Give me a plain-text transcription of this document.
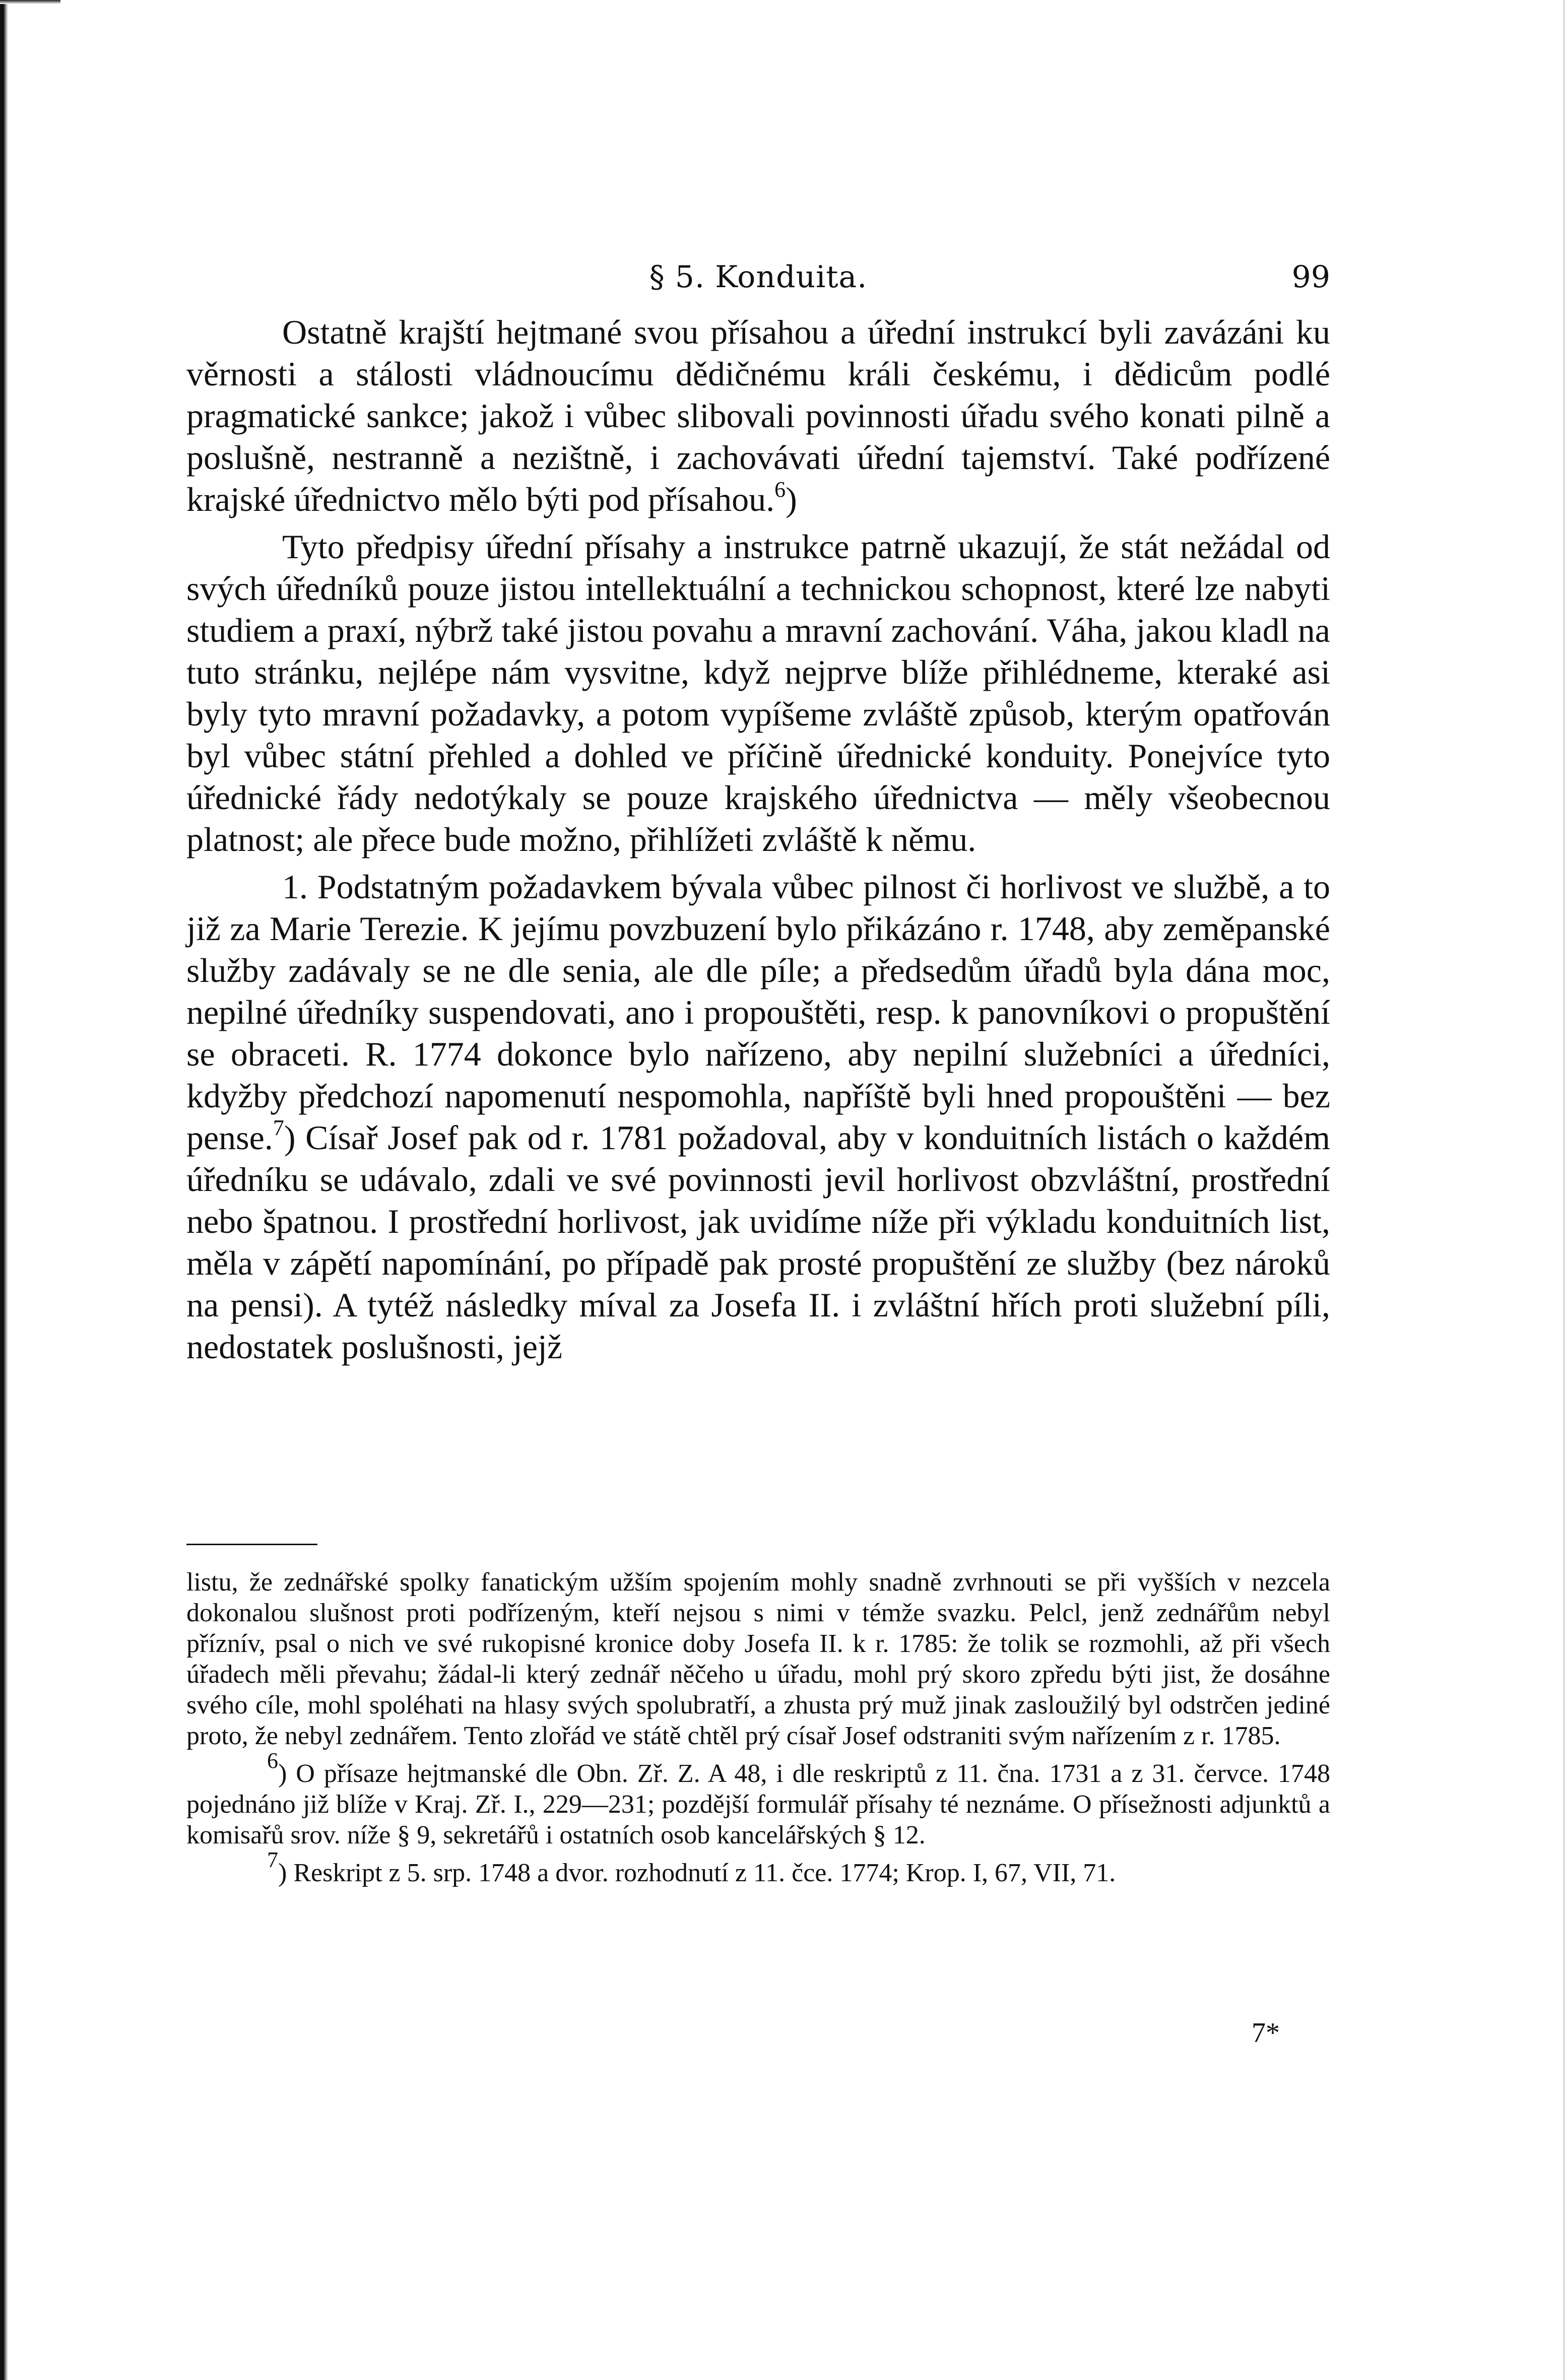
§ 5. Konduita.	99

Ostatně krajští hejtmané svou přísahou a úřední instrukcí byli zavázáni ku věrnosti a stálosti vládnoucímu dědičnému králi českému, i dědicům podlé pragmatické sankce; jakož i vůbec slibovali povinnosti úřadu svého konati pilně a poslušně, nestranně a nezištně, i zachovávati úřední tajemství. Také podřízené krajské úřednictvo mělo býti pod přísahou.$^6$)

Tyto předpisy úřední přísahy a instrukce patrně ukazují, že stát nežádal od svých úředníků pouze jistou intellektuální a technickou schopnost, které lze nabyti studiem a praxí, nýbrž také jistou povahu a mravní zachování. Váha, jakou kladl na tuto stránku, nejlépe nám vysvitne, když nejprve blíže přihlédneme, kteraké asi byly tyto mravní požadavky, a potom vypíšeme zvláště způsob, kterým opatřován byl vůbec státní přehled a dohled ve příčině úřednické konduity. Ponejvíce tyto úřednické řády nedotýkaly se pouze krajského úřednictva — měly všeobecnou platnost; ale přece bude možno, přihlížeti zvláště k němu.

1. Podstatným požadavkem bývala vůbec pilnost či horlivost ve službě, a to již za Marie Terezie. K jejímu povzbuzení bylo přikázáno r. 1748, aby zeměpanské služby zadávaly se ne dle senia, ale dle píle; a předsedům úřadů byla dána moc, nepilné úředníky suspendovati, ano i propouštěti, resp. k panovníkovi o propuštění se obraceti. R. 1774 dokonce bylo nařízeno, aby nepilní služebníci a úředníci, kdyžby předchozí napomenutí nespomohla, napříště byli hned propouštěni — bez pense.$^7$) Císař Josef pak od r. 1781 požadoval, aby v konduitních listách o každém úředníku se udávalo, zdali ve své povinnosti jevil horlivost obzvláštní, prostřední nebo špatnou. I prostřední horlivost, jak uvidíme níže při výkladu konduitních list, měla v zápětí napomínání, po případě pak prosté propuštění ze služby (bez nároků na pensi). A tytéž následky míval za Josefa II. i zvláštní hřích proti služební píli, nedostatek poslušnosti, jejž

listu, že zednářské spolky fanatickým užším spojením mohly snadně zvrhnouti se při vyšších v nezcela dokonalou slušnost proti podřízeným, kteří nejsou s nimi v témže svazku. Pelcl, jenž zednářům nebyl příznív, psal o nich ve své rukopisné kronice doby Josefa II. k r. 1785: že tolik se rozmohli, až při všech úřadech měli převahu; žádal-li který zednář něčeho u úřadu, mohl prý skoro zpředu býti jist, že dosáhne svého cíle, mohl spoléhati na hlasy svých spolubratří, a zhusta prý muž jinak zasloužilý byl odstrčen jediné proto, že nebyl zednářem. Tento zlořád ve státě chtěl prý císař Josef odstraniti svým nařízením z r. 1785.

$^6$) O přísaze hejtmanské dle Obn. Zř. Z. A 48, i dle reskriptů z 11. čna. 1731 a z 31. červce. 1748 pojednáno již blíže v Kraj. Zř. I., 229—231; pozdější formulář přísahy té neznáme. O přísežnosti adjunktů a komisařů srov. níže § 9, sekretářů i ostatních osob kancelářských § 12.

$^7$) Reskript z 5. srp. 1748 a dvor. rozhodnutí z 11. čce. 1774; Krop. I, 67, VII, 71.

7*
